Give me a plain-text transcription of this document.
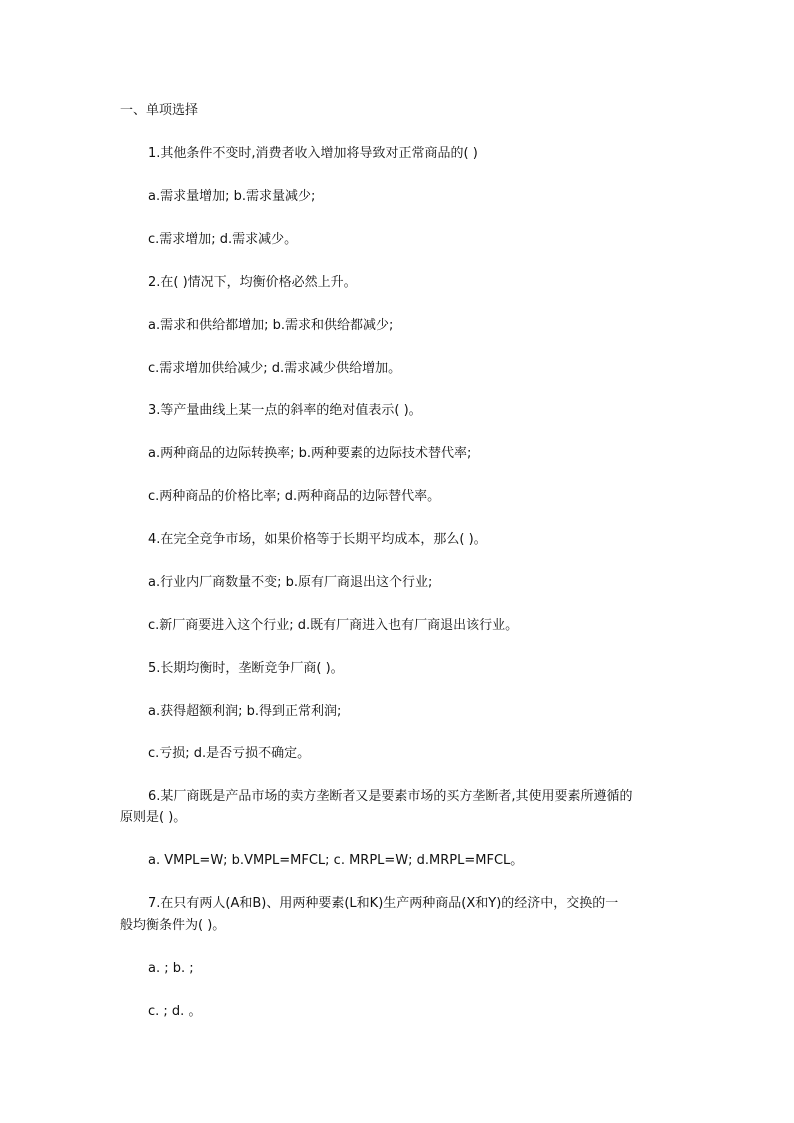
一、单项选择
1.其他条件不变时,消费者收入增加将导致对正常商品的( )
a.需求量增加; b.需求量减少;
c.需求增加; d.需求减少。
2.在( )情况下，均衡价格必然上升。
a.需求和供给都增加; b.需求和供给都减少;
c.需求增加供给减少; d.需求减少供给增加。
3.等产量曲线上某一点的斜率的绝对值表示( )。
a.两种商品的边际转换率; b.两种要素的边际技术替代率;
c.两种商品的价格比率; d.两种商品的边际替代率。
4.在完全竞争市场，如果价格等于长期平均成本，那么( )。
a.行业内厂商数量不变; b.原有厂商退出这个行业;
c.新厂商要进入这个行业; d.既有厂商进入也有厂商退出该行业。
5.长期均衡时，垄断竞争厂商( )。
a.获得超额利润; b.得到正常利润;
c.亏损; d.是否亏损不确定。
6.某厂商既是产品市场的卖方垄断者又是要素市场的买方垄断者,其使用要素所遵循的
原则是( )。
a. VMPL=W; b.VMPL=MFCL; c. MRPL=W; d.MRPL=MFCL。
7.在只有两人(A和B)、用两种要素(L和K)生产两种商品(X和Y)的经济中，交换的一
般均衡条件为( )。
a. ; b. ;
c. ; d. 。
